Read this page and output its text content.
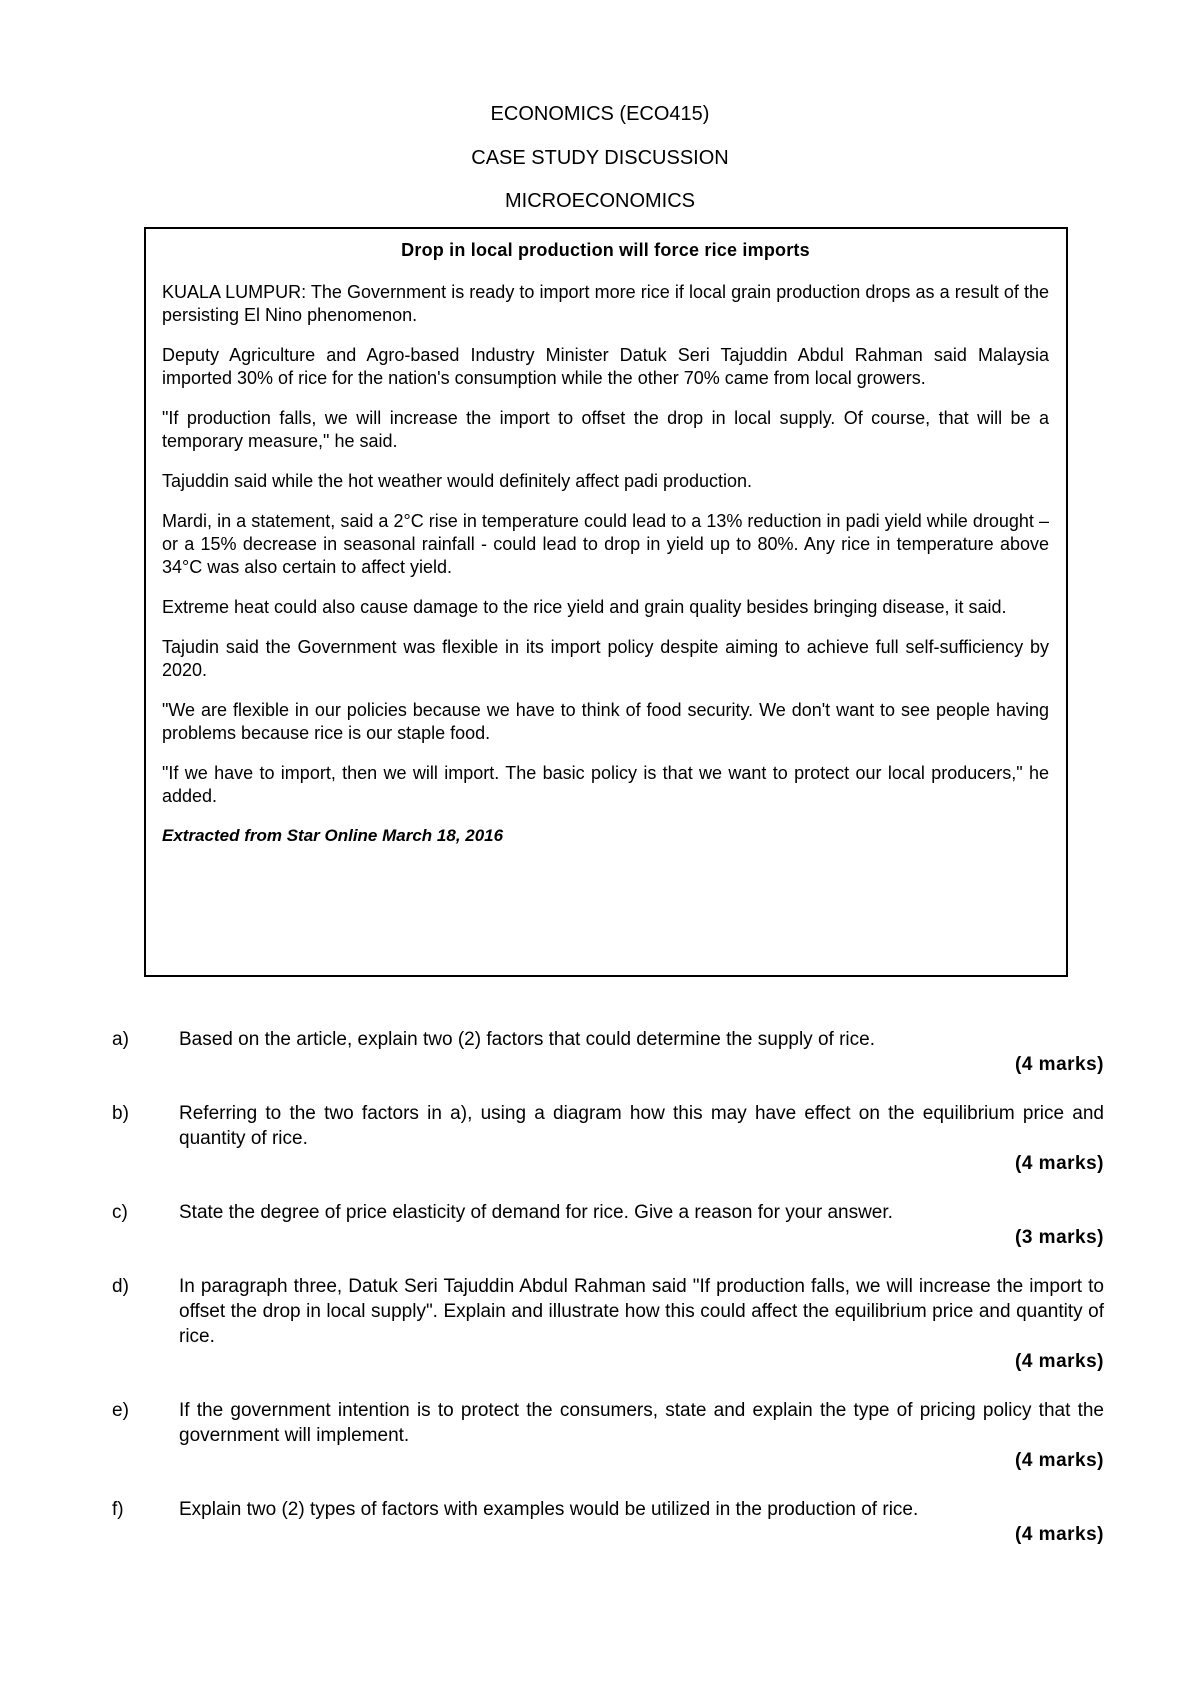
ECONOMICS (ECO415)
CASE STUDY DISCUSSION
MICROECONOMICS
Drop in local production will force rice imports

KUALA LUMPUR: The Government is ready to import more rice if local grain production drops as a result of the persisting El Nino phenomenon.

Deputy Agriculture and Agro-based Industry Minister Datuk Seri Tajuddin Abdul Rahman said Malaysia imported 30% of rice for the nation's consumption while the other 70% came from local growers.

"If production falls, we will increase the import to offset the drop in local supply. Of course, that will be a temporary measure," he said.

Tajuddin said while the hot weather would definitely affect padi production.

Mardi, in a statement, said a 2°C rise in temperature could lead to a 13% reduction in padi yield while drought – or a 15% decrease in seasonal rainfall - could lead to drop in yield up to 80%. Any rice in temperature above 34°C was also certain to affect yield.

Extreme heat could also cause damage to the rice yield and grain quality besides bringing disease, it said.

Tajudin said the Government was flexible in its import policy despite aiming to achieve full self-sufficiency by 2020.

"We are flexible in our policies because we have to think of food security. We don't want to see people having problems because rice is our staple food.

"If we have to import, then we will import. The basic policy is that we want to protect our local producers," he added.

Extracted from Star Online March 18, 2016

a)	Based on the article, explain two (2) factors that could determine the supply of rice.
(4 marks)
b)	Referring to the two factors in a), using a diagram how this may have effect on the equilibrium price and quantity of rice.
(4 marks)
c)	State the degree of price elasticity of demand for rice. Give a reason for your answer.
(3 marks)
d)	In paragraph three, Datuk Seri Tajuddin Abdul Rahman said "If production falls, we will increase the import to offset the drop in local supply". Explain and illustrate how this could affect the equilibrium price and quantity of rice.
(4 marks)
e)	If the government intention is to protect the consumers, state and explain the type of pricing policy that the government will implement.
(4 marks)
f)	Explain two (2) types of factors with examples would be utilized in the production of rice.
(4 marks)
